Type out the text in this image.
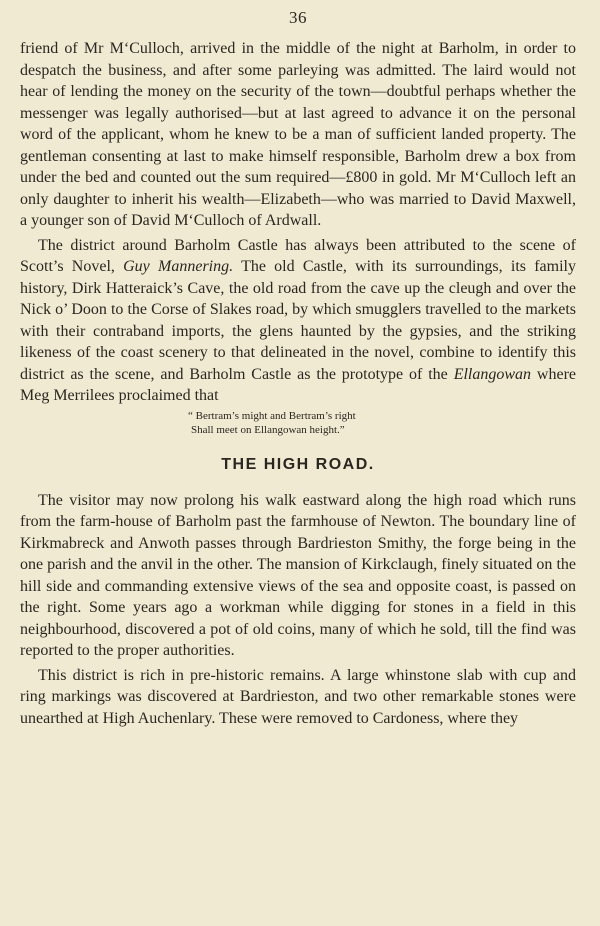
36

friend of Mr M‘Culloch, arrived in the middle of the night at Barholm, in order to despatch the business, and after some parleying was admitted. The laird would not hear of lending the money on the security of the town—doubtful perhaps whether the messenger was legally authorised—but at last agreed to advance it on the personal word of the applicant, whom he knew to be a man of sufficient landed property. The gentleman consenting at last to make himself responsible, Barholm drew a box from under the bed and counted out the sum required—£800 in gold. Mr M‘Culloch left an only daughter to inherit his wealth—Elizabeth—who was married to David Maxwell, a younger son of David M‘Culloch of Ardwall.

The district around Barholm Castle has always been attributed to the scene of Scott’s Novel, Guy Mannering. The old Castle, with its surroundings, its family history, Dirk Hatteraick’s Cave, the old road from the cave up the cleugh and over the Nick o’ Doon to the Corse of Slakes road, by which smugglers travelled to the markets with their contraband imports, the glens haunted by the gypsies, and the striking likeness of the coast scenery to that delineated in the novel, combine to identify this district as the scene, and Barholm Castle as the prototype of the Ellangowan where Meg Merrilees proclaimed that

“ Bertram’s might and Bertram’s right
Shall meet on Ellangowan height.”
THE HIGH ROAD.

The visitor may now prolong his walk eastward along the high road which runs from the farm-house of Barholm past the farmhouse of Newton. The boundary line of Kirkmabreck and Anwoth passes through Bardrieston Smithy, the forge being in the one parish and the anvil in the other. The mansion of Kirkclaugh, finely situated on the hill side and commanding extensive views of the sea and opposite coast, is passed on the right. Some years ago a workman while digging for stones in a field in this neighbourhood, discovered a pot of old coins, many of which he sold, till the find was reported to the proper authorities.

This district is rich in pre-historic remains. A large whinstone slab with cup and ring markings was discovered at Bardrieston, and two other remarkable stones were unearthed at High Auchenlary. These were removed to Cardoness, where they
